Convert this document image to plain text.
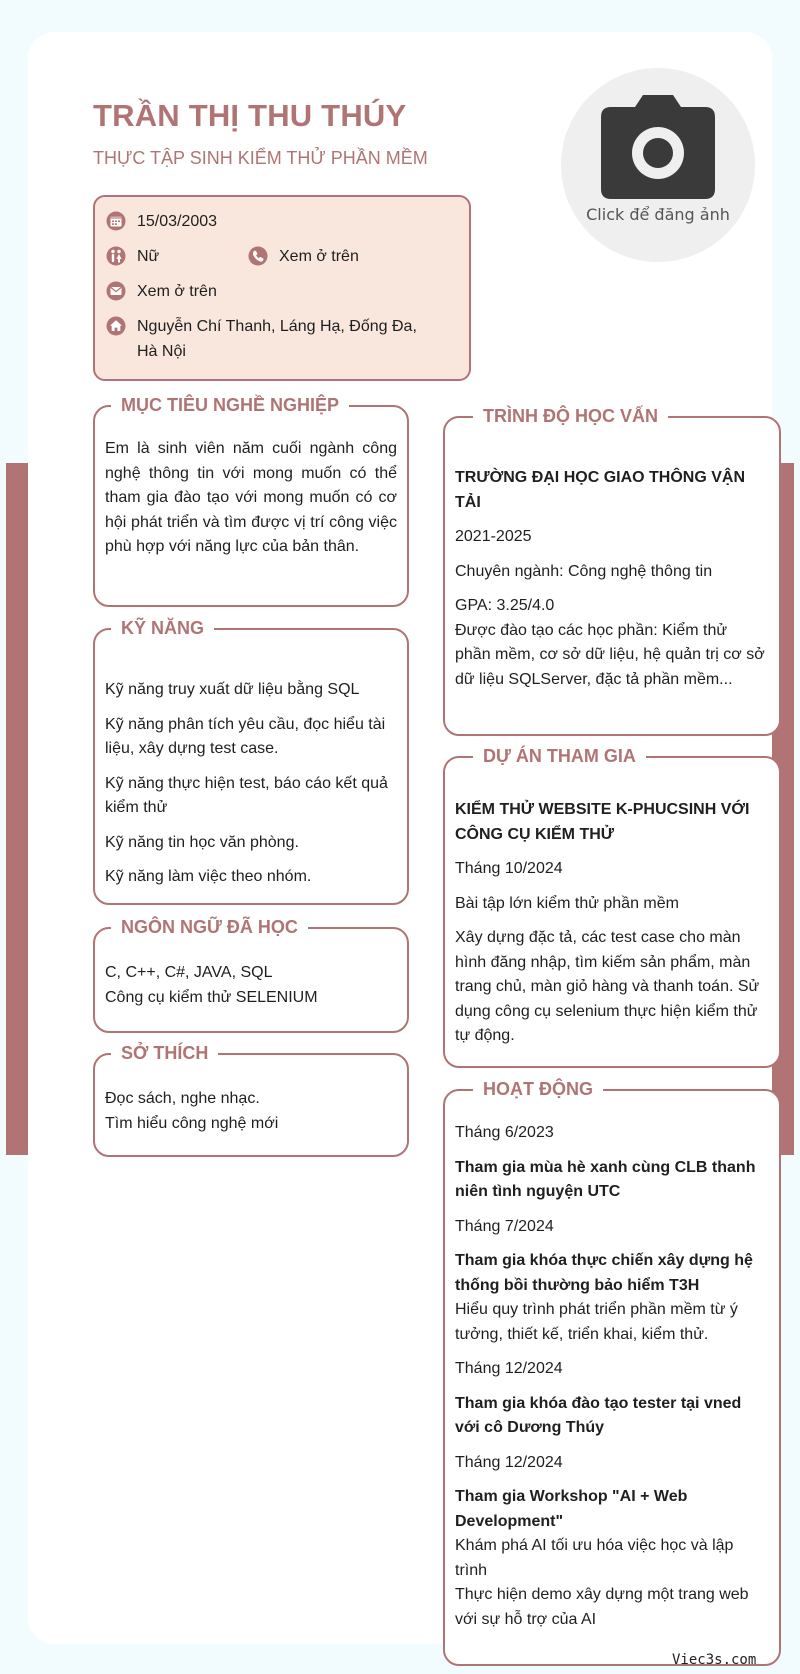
TRẦN THỊ THU THÚY
THỰC TẬP SINH KIỂM THỬ PHẦN MỀM
Click để đăng ảnh
15/03/2003
Nữ	Xem ở trên
Xem ở trên
Nguyễn Chí Thanh, Láng Hạ, Đống Đa, Hà Nội
MỤC TIÊU NGHỀ NGHIỆP
Em là sinh viên năm cuối ngành công nghệ thông tin với mong muốn có thể tham gia đào tạo với mong muốn có cơ hội phát triển và tìm được vị trí công việc phù hợp với năng lực của bản thân.
KỸ NĂNG
Kỹ năng truy xuất dữ liệu bằng SQL
Kỹ năng phân tích yêu cầu, đọc hiểu tài liệu, xây dựng test case.
Kỹ năng thực hiện test, báo cáo kết quả kiểm thử
Kỹ năng tin học văn phòng.
Kỹ năng làm việc theo nhóm.
NGÔN NGỮ ĐÃ HỌC
C, C++, C#, JAVA, SQL
Công cụ kiểm thử SELENIUM
SỞ THÍCH
Đọc sách, nghe nhạc.
Tìm hiểu công nghệ mới
TRÌNH ĐỘ HỌC VẤN
TRƯỜNG ĐẠI HỌC GIAO THÔNG VẬN TẢI
2021-2025
Chuyên ngành: Công nghệ thông tin
GPA: 3.25/4.0
Được đào tạo các học phần: Kiểm thử phần mềm, cơ sở dữ liệu, hệ quản trị cơ sở dữ liệu SQLServer, đặc tả phần mềm...
DỰ ÁN THAM GIA
KIỂM THỬ WEBSITE K-PHUCSINH VỚI CÔNG CỤ KIỂM THỬ
Tháng 10/2024
Bài tập lớn kiểm thử phần mềm
Xây dựng đặc tả, các test case cho màn hình đăng nhập, tìm kiếm sản phẩm, màn trang chủ, màn giỏ hàng và thanh toán. Sử dụng công cụ selenium thực hiện kiểm thử tự động.
HOẠT ĐỘNG
Tháng 6/2023
Tham gia mùa hè xanh cùng CLB thanh niên tình nguyện UTC
Tháng 7/2024
Tham gia khóa thực chiến xây dựng hệ thống bồi thường bảo hiểm T3H
Hiểu quy trình phát triển phần mềm từ ý tưởng, thiết kế, triển khai, kiểm thử.
Tháng 12/2024
Tham gia khóa đào tạo tester tại vned với cô Dương Thúy
Tháng 12/2024
Tham gia Workshop "AI + Web Development"
Khám phá AI tối ưu hóa việc học và lập trình
Thực hiện demo xây dựng một trang web với sự hỗ trợ của AI
Viec3s.com
